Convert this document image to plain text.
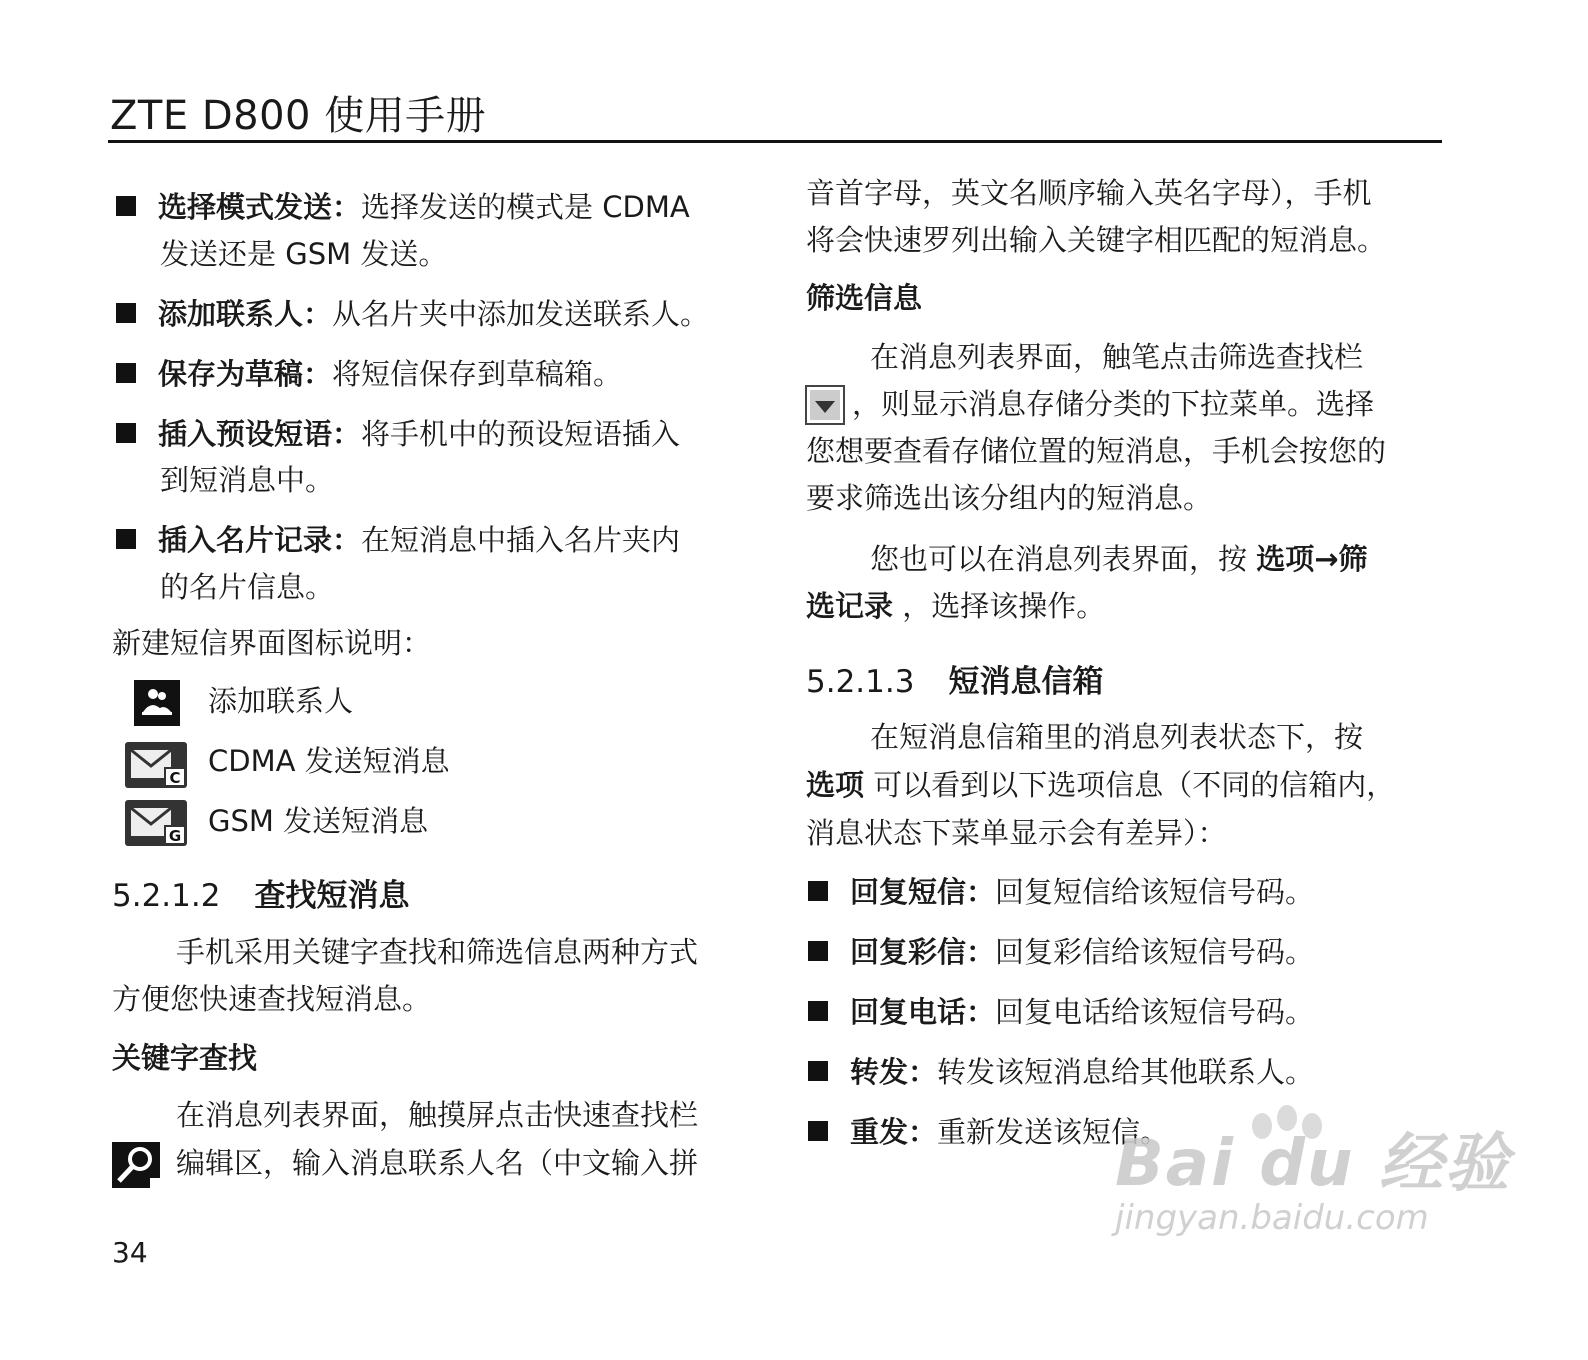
ZTE D800 使用手册
选择模式发送：选择发送的模式是 CDMA
发送还是 GSM 发送。
添加联系人：从名片夹中添加发送联系人。
保存为草稿：将短信保存到草稿箱。
插入预设短语：将手机中的预设短语插入
到短消息中。
插入名片记录：在短消息中插入名片夹内
的名片信息。
新建短信界面图标说明：
添加联系人
C CDMA 发送短消息
G GSM 发送短消息
5.2.1.2 查找短消息
手机采用关键字查找和筛选信息两种方式
方便您快速查找短消息。
关键字查找
在消息列表界面，触摸屏点击快速查找栏
编辑区，输入消息联系人名（中文输入拼
34
音首字母，英文名顺序输入英名字母），手机
将会快速罗列出输入关键字相匹配的短消息。
筛选信息
在消息列表界面，触笔点击筛选查找栏
，则显示消息存储分类的下拉菜单。选择
您想要查看存储位置的短消息，手机会按您的
要求筛选出该分组内的短消息。
您也可以在消息列表界面，按 选项→筛
选记录 ，选择该操作。
5.2.1.3 短消息信箱
在短消息信箱里的消息列表状态下，按
选项 可以看到以下选项信息（不同的信箱内，
消息状态下菜单显示会有差异）：
回复短信：回复短信给该短信号码。
回复彩信：回复彩信给该短信号码。
回复电话：回复电话给该短信号码。
转发：转发该短消息给其他联系人。
重发：重新发送该短信。
Bai du 经验
jingyan.baidu.com
